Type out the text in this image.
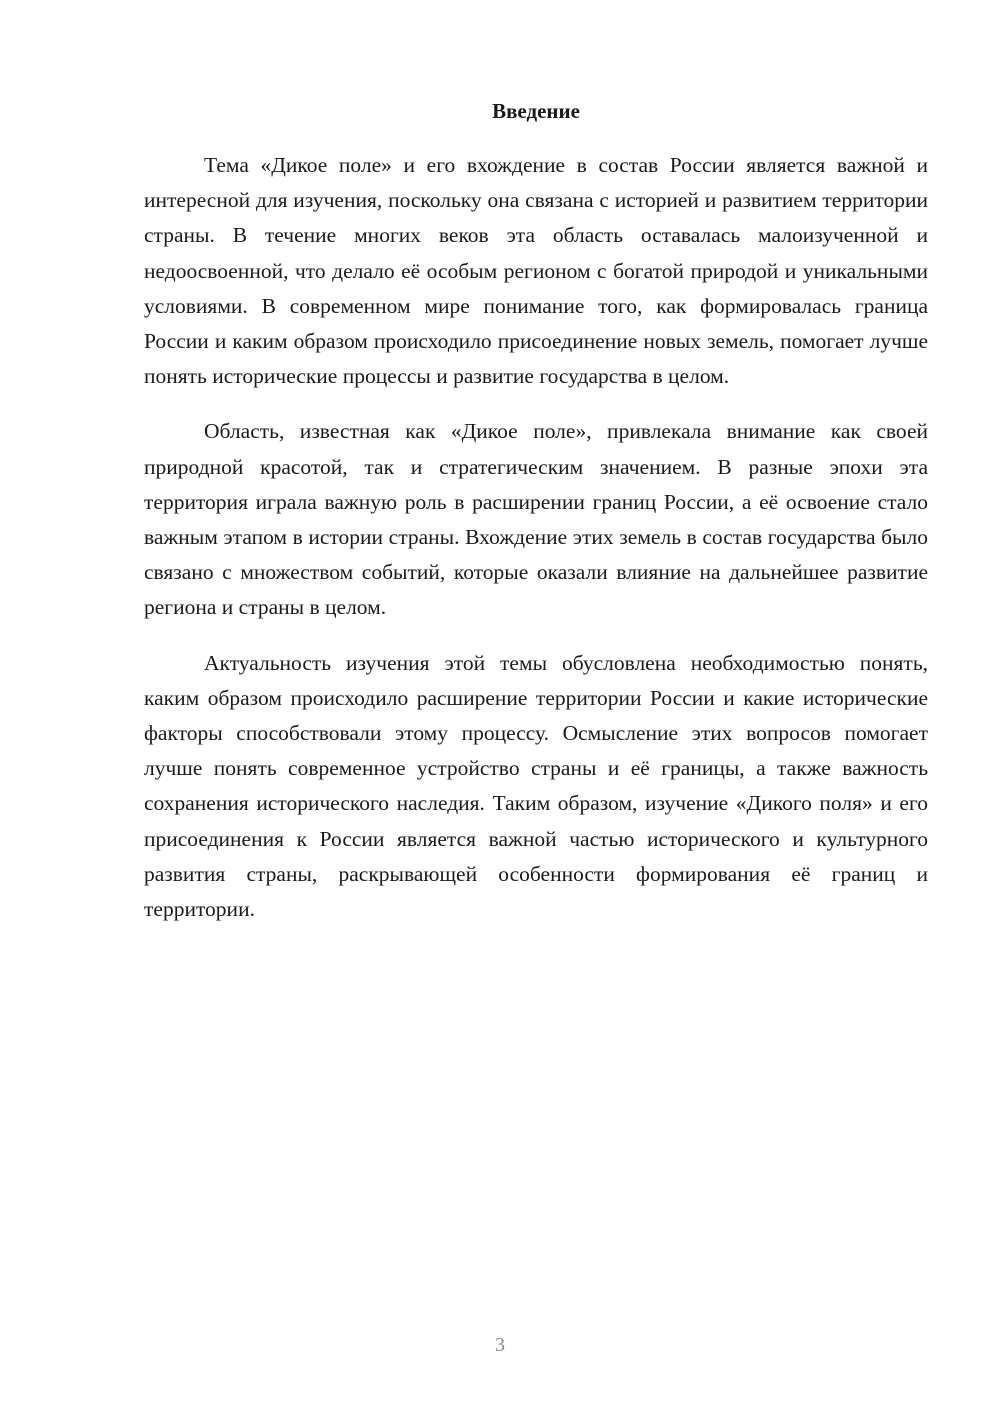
Введение

Тема «Дикое поле» и его вхождение в состав России является важной и интересной для изучения, поскольку она связана с историей и развитием территории страны. В течение многих веков эта область оставалась малоизученной и недоосвоенной, что делало её особым регионом с богатой природой и уникальными условиями. В современном мире понимание того, как формировалась граница России и каким образом происходило присоединение новых земель, помогает лучше понять исторические процессы и развитие государства в целом.

Область, известная как «Дикое поле», привлекала внимание как своей природной красотой, так и стратегическим значением. В разные эпохи эта территория играла важную роль в расширении границ России, а её освоение стало важным этапом в истории страны. Вхождение этих земель в состав государства было связано с множеством событий, которые оказали влияние на дальнейшее развитие региона и страны в целом.

Актуальность изучения этой темы обусловлена необходимостью понять, каким образом происходило расширение территории России и какие исторические факторы способствовали этому процессу. Осмысление этих вопросов помогает лучше понять современное устройство страны и её границы, а также важность сохранения исторического наследия. Таким образом, изучение «Дикого поля» и его присоединения к России является важной частью исторического и культурного развития страны, раскрывающей особенности формирования её границ и территории.

3
